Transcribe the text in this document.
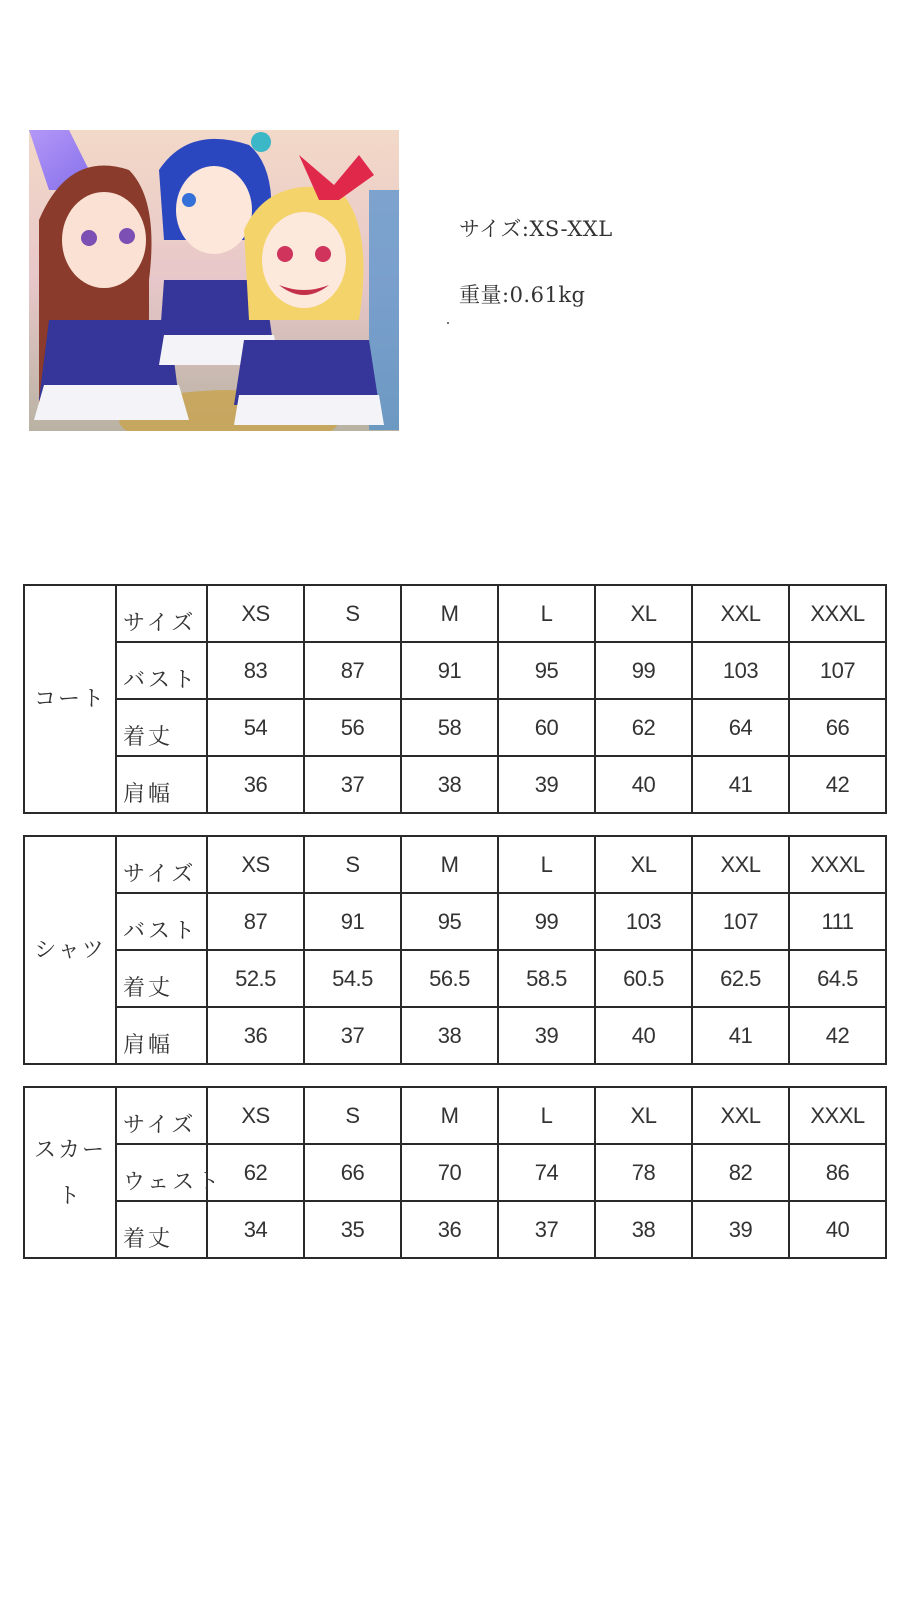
サイズ:XS-XXL
重量:0.61kg
コート	サイズ	XS	S	M	L	XL	XXL	XXXL
	バスト	83	87	91	95	99	103	107
	着丈	54	56	58	60	62	64	66
	肩幅	36	37	38	39	40	41	42
シャツ	サイズ	XS	S	M	L	XL	XXL	XXXL
	バスト	87	91	95	99	103	107	111
	着丈	52.5	54.5	56.5	58.5	60.5	62.5	64.5
	肩幅	36	37	38	39	40	41	42
スカート	サイズ	XS	S	M	L	XL	XXL	XXXL
	ウェスト	62	66	70	74	78	82	86
	着丈	34	35	36	37	38	39	40
